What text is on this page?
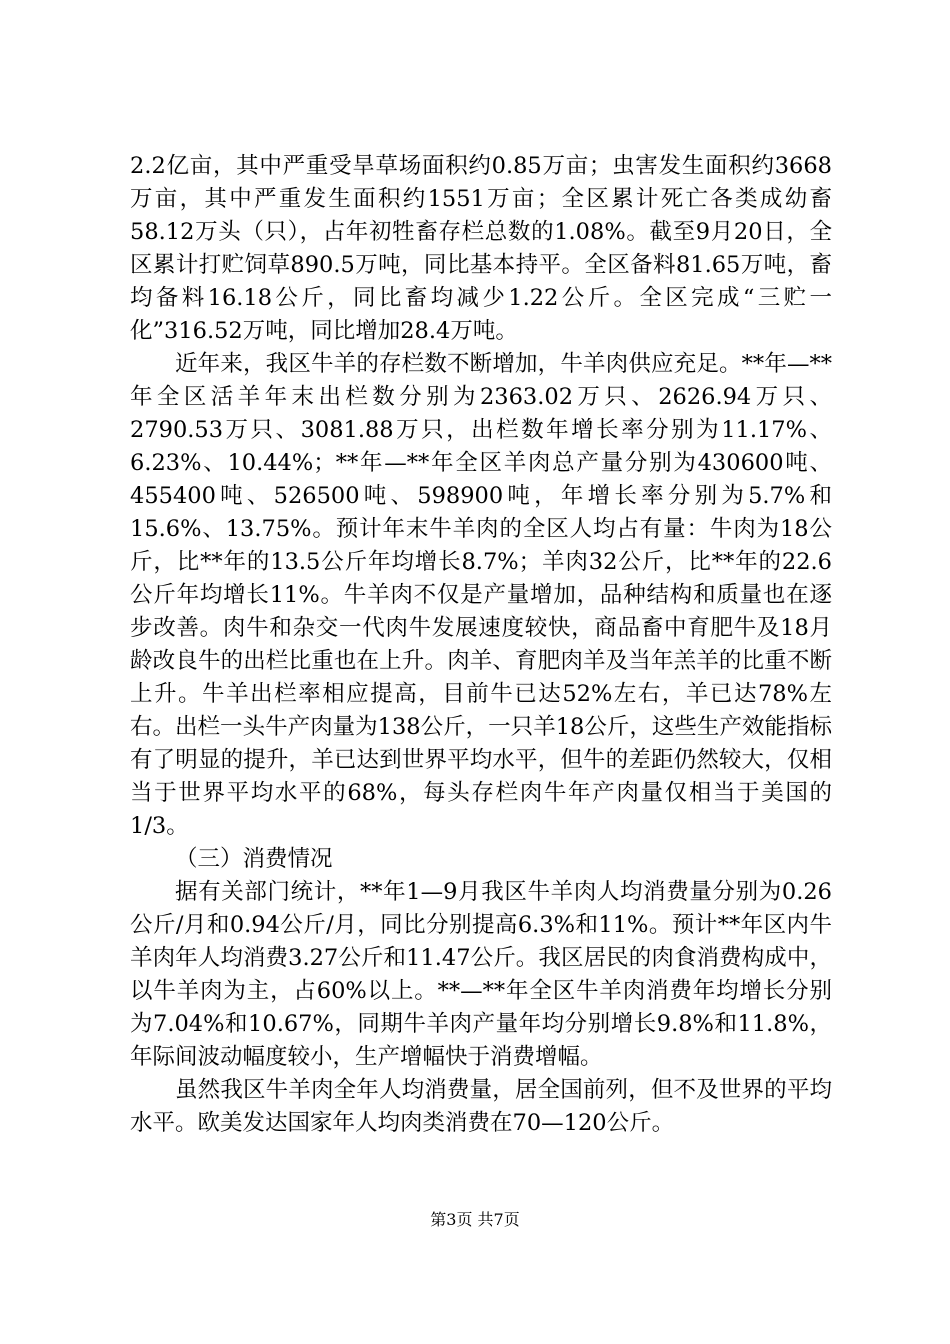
2.2亿亩，其中严重受旱草场面积约0.85万亩；虫害发生面积约3668万亩，其中严重发生面积约1551万亩；全区累计死亡各类成幼畜58.12万头（只），占年初牲畜存栏总数的1.08%。截至9月20日，全区累计打贮饲草890.5万吨，同比基本持平。全区备料81.65万吨，畜均备料16.18公斤，同比畜均减少1.22公斤。全区完成“三贮一化”316.52万吨，同比增加28.4万吨。

近年来，我区牛羊的存栏数不断增加，牛羊肉供应充足。**年—**年全区活羊年末出栏数分别为2363.02万只、2626.94万只、2790.53万只、3081.88万只，出栏数年增长率分别为11.17%、6.23%、10.44%；**年—**年全区羊肉总产量分别为430600吨、455400吨、526500吨、598900吨，年增长率分别为5.7%和15.6%、13.75%。预计年末牛羊肉的全区人均占有量：牛肉为18公斤，比**年的13.5公斤年均增长8.7%；羊肉32公斤，比**年的22.6公斤年均增长11%。牛羊肉不仅是产量增加，品种结构和质量也在逐步改善。肉牛和杂交一代肉牛发展速度较快，商品畜中育肥牛及18月龄改良牛的出栏比重也在上升。肉羊、育肥肉羊及当年羔羊的比重不断上升。牛羊出栏率相应提高，目前牛已达52%左右，羊已达78%左右。出栏一头牛产肉量为138公斤，一只羊18公斤，这些生产效能指标有了明显的提升，羊已达到世界平均水平，但牛的差距仍然较大，仅相当于世界平均水平的68%，每头存栏肉牛年产肉量仅相当于美国的1/3。

（三）消费情况

据有关部门统计，**年1—9月我区牛羊肉人均消费量分别为0.26公斤/月和0.94公斤/月，同比分别提高6.3%和11%。预计**年区内牛羊肉年人均消费3.27公斤和11.47公斤。我区居民的肉食消费构成中，以牛羊肉为主，占60%以上。**—**年全区牛羊肉消费年均增长分别为7.04%和10.67%，同期牛羊肉产量年均分别增长9.8%和11.8%，年际间波动幅度较小，生产增幅快于消费增幅。

虽然我区牛羊肉全年人均消费量，居全国前列，但不及世界的平均水平。欧美发达国家年人均肉类消费在70—120公斤。

第3页 共7页
